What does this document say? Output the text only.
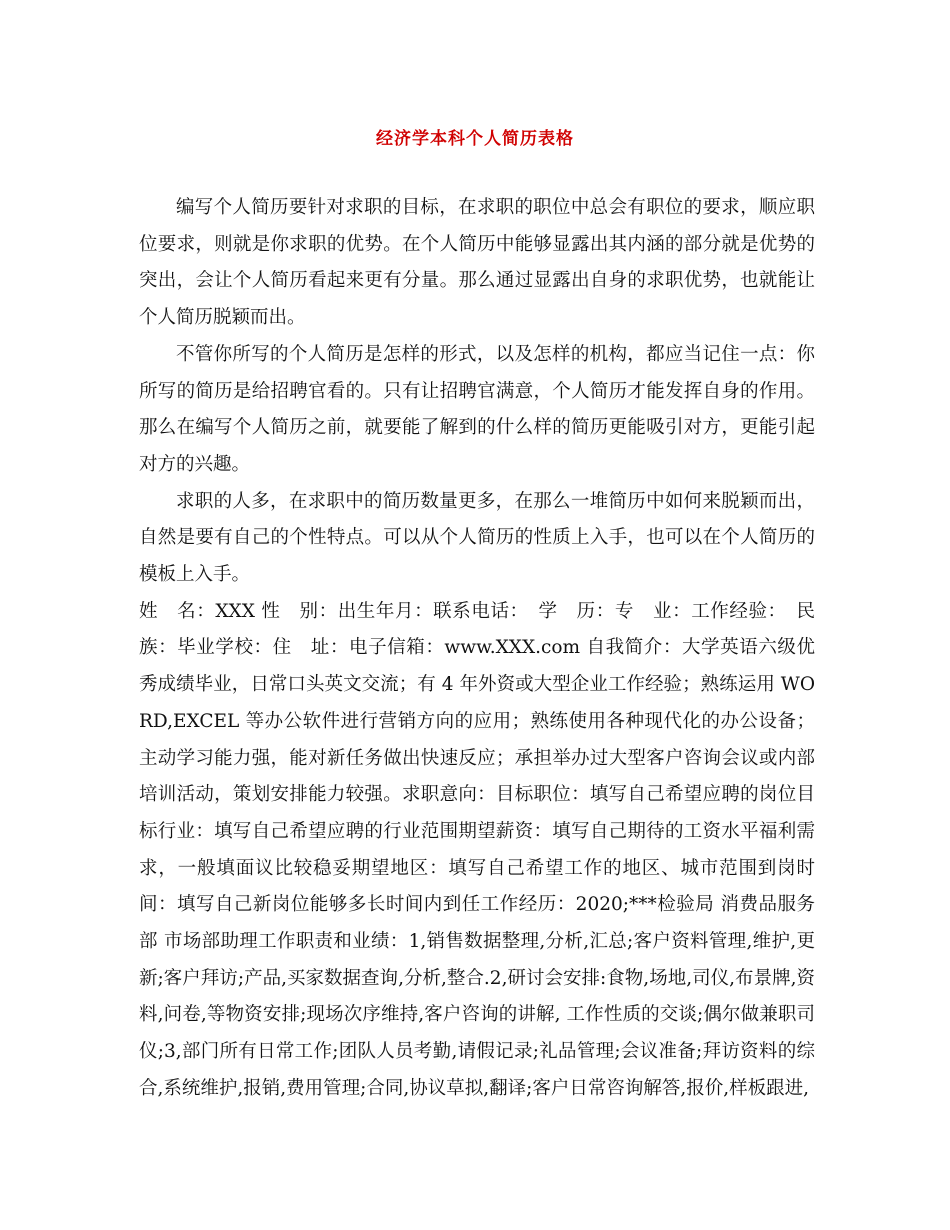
经济学本科个人简历表格

编写个人简历要针对求职的目标，在求职的职位中总会有职位的要求，顺应职位要求，则就是你求职的优势。在个人简历中能够显露出其内涵的部分就是优势的突出，会让个人简历看起来更有分量。那么通过显露出自身的求职优势，也就能让个人简历脱颖而出。

不管你所写的个人简历是怎样的形式，以及怎样的机构，都应当记住一点：你所写的简历是给招聘官看的。只有让招聘官满意，个人简历才能发挥自身的作用。那么在编写个人简历之前，就要能了解到的什么样的简历更能吸引对方，更能引起对方的兴趣。

求职的人多，在求职中的简历数量更多，在那么一堆简历中如何来脱颖而出，自然是要有自己的个性特点。可以从个人简历的性质上入手，也可以在个人简历的模板上入手。

姓　名：XXX 性　别：出生年月：联系电话：　学　历：专　业：工作经验：　民　族：毕业学校：住　址：电子信箱：www.XXX.com 自我简介：大学英语六级优秀成绩毕业，日常口头英文交流；有 4 年外资或大型企业工作经验；熟练运用 WORD,EXCEL 等办公软件进行营销方向的应用；熟练使用各种现代化的办公设备；主动学习能力强，能对新任务做出快速反应；承担举办过大型客户咨询会议或内部培训活动，策划安排能力较强。求职意向：目标职位：填写自己希望应聘的岗位目标行业：填写自己希望应聘的行业范围期望薪资：填写自己期待的工资水平福利需求，一般填面议比较稳妥期望地区：填写自己希望工作的地区、城市范围到岗时间：填写自己新岗位能够多长时间内到任工作经历：2020;***检验局 消费品服务部 市场部助理工作职责和业绩：1,销售数据整理,分析,汇总;客户资料管理,维护,更新;客户拜访;产品,买家数据查询,分析,整合.2,研讨会安排:食物,场地,司仪,布景牌,资料,问卷,等物资安排;现场次序维持,客户咨询的讲解, 工作性质的交谈;偶尔做兼职司仪;3,部门所有日常工作;团队人员考勤,请假记录;礼品管理;会议准备;拜访资料的综合,系统维护,报销,费用管理;合同,协议草拟,翻译;客户日常咨询解答,报价,样板跟进,
